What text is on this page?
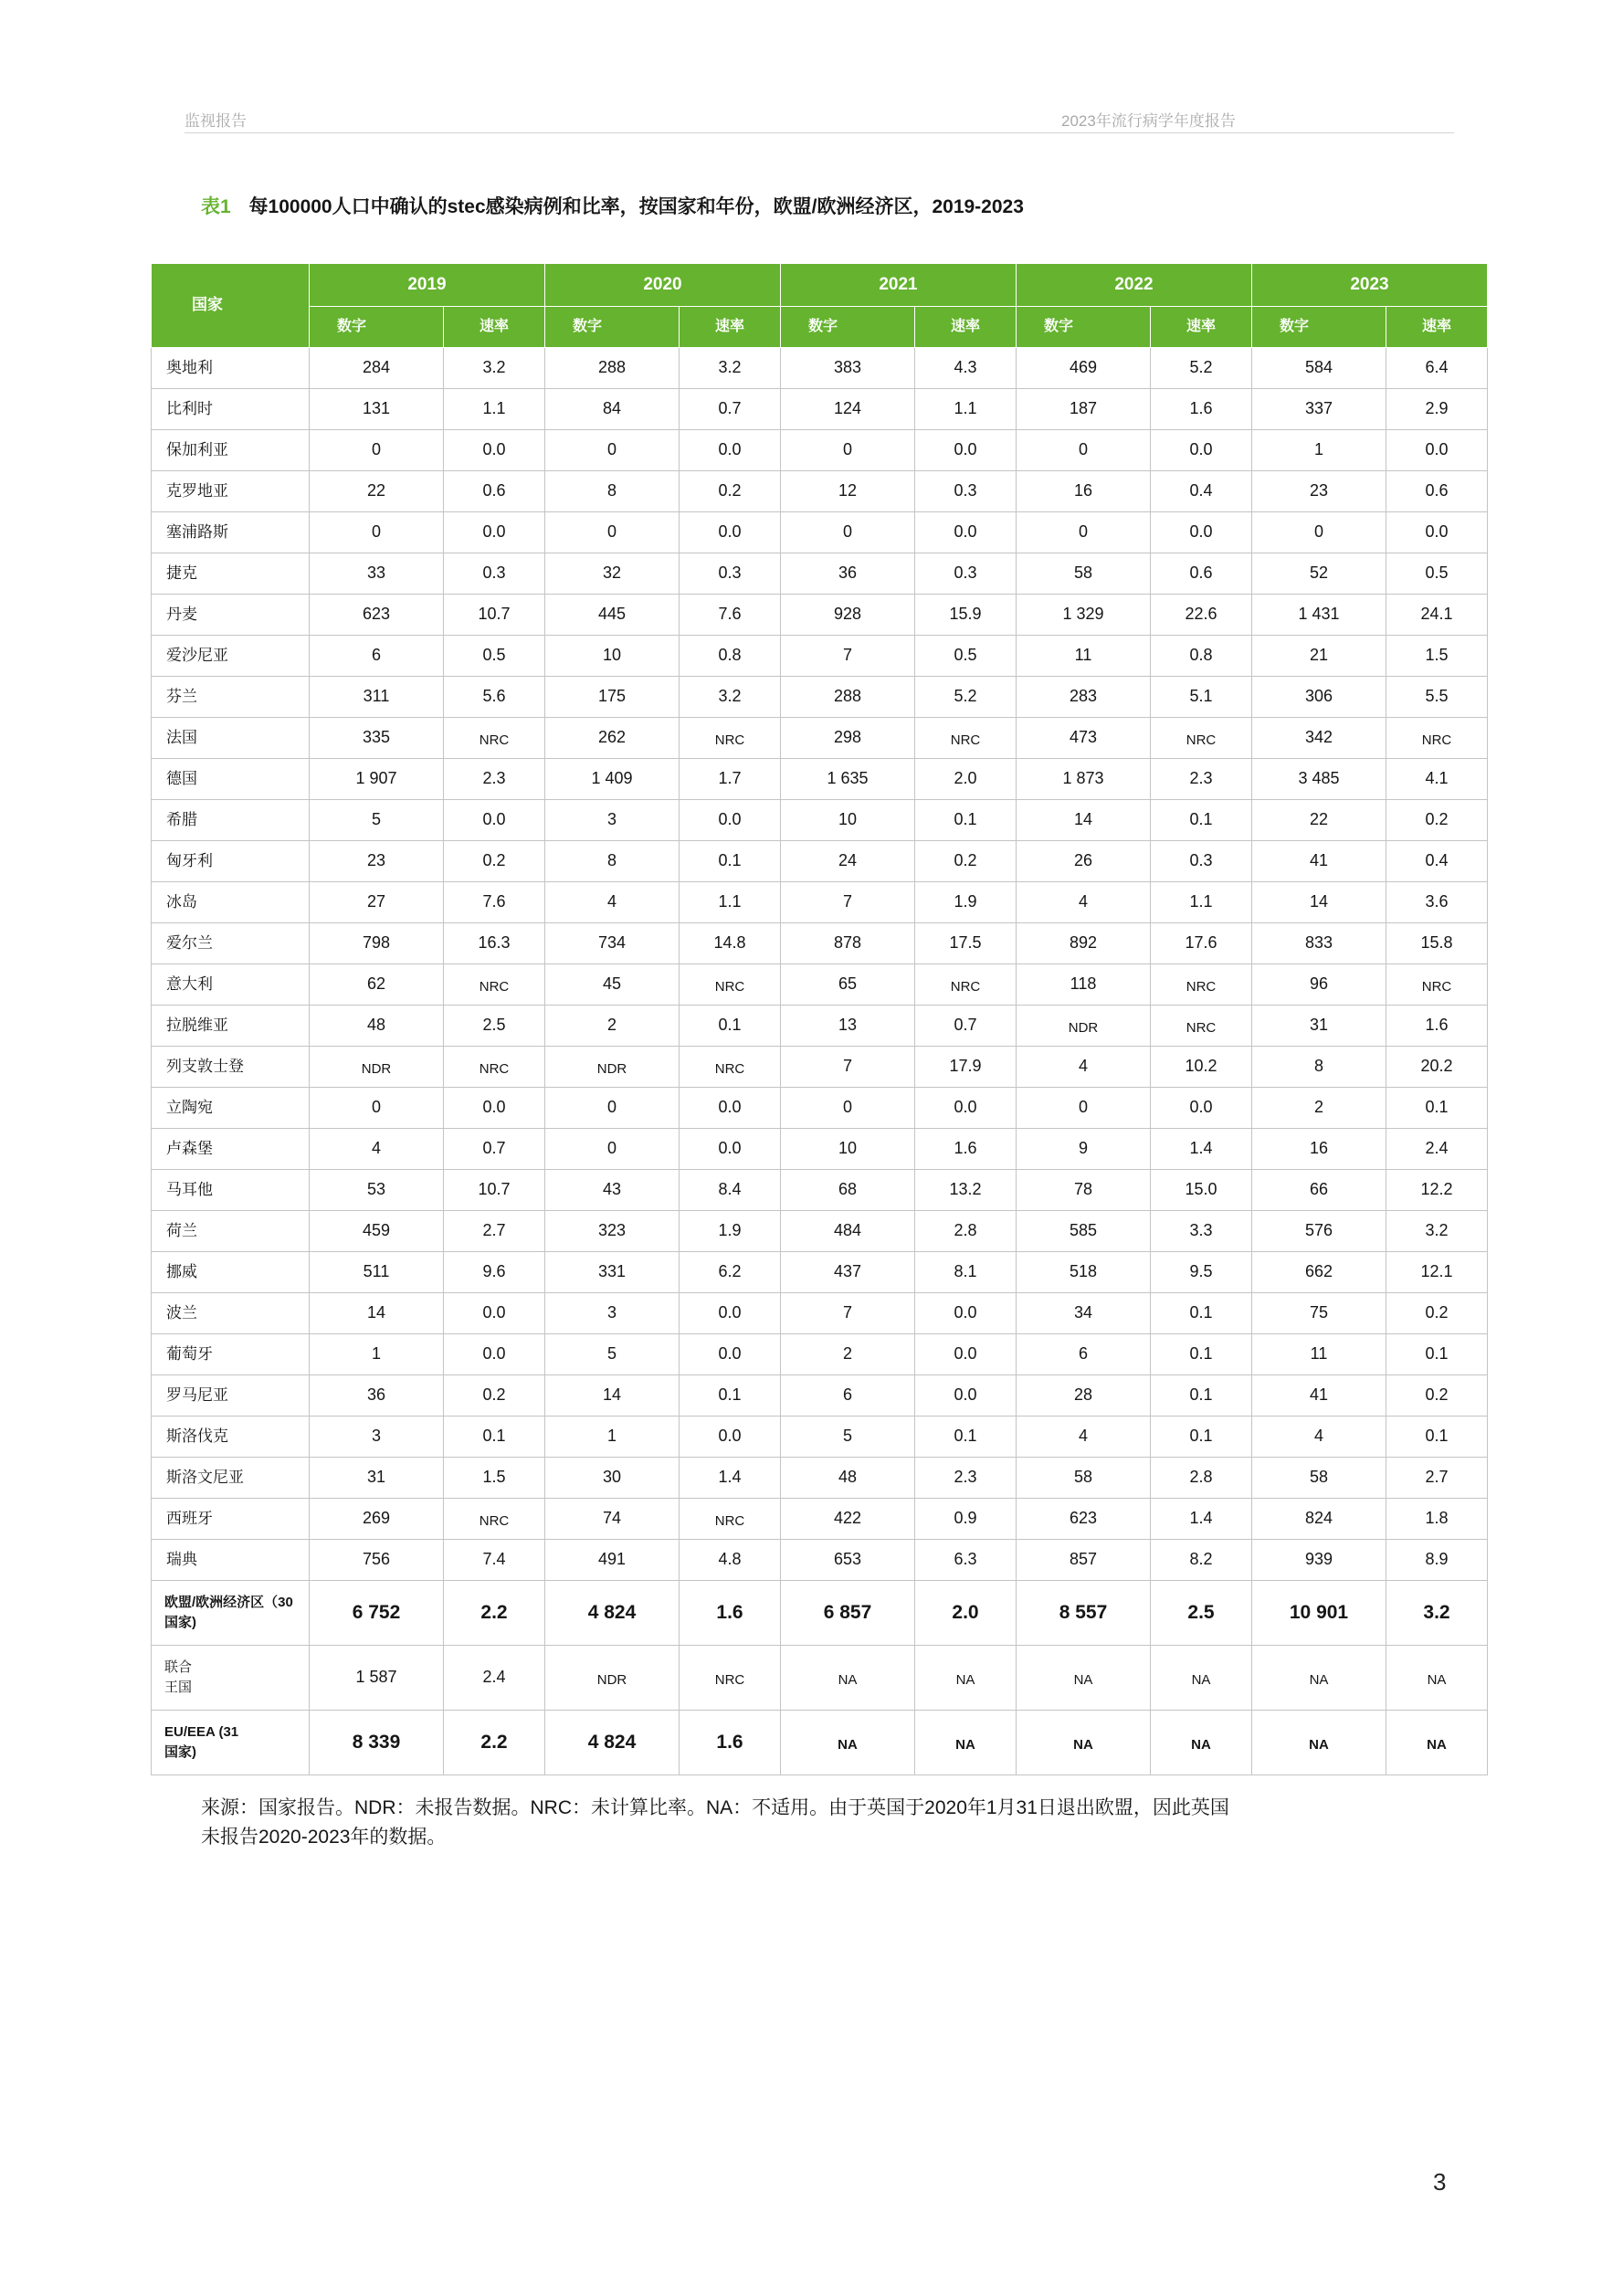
监视报告	2023年流行病学年度报告
表1 每100000人口中确认的stec感染病例和比率，按国家和年份，欧盟/欧洲经济区，2019-2023
国家	2019		2020		2021		2022		2023	
	数字	速率	数字	速率	数字	速率	数字	速率	数字	速率
奥地利	284	3.2	288	3.2	383	4.3	469	5.2	584	6.4
比利时	131	1.1	84	0.7	124	1.1	187	1.6	337	2.9
保加利亚	0	0.0	0	0.0	0	0.0	0	0.0	1	0.0
克罗地亚	22	0.6	8	0.2	12	0.3	16	0.4	23	0.6
塞浦路斯	0	0.0	0	0.0	0	0.0	0	0.0	0	0.0
捷克	33	0.3	32	0.3	36	0.3	58	0.6	52	0.5
丹麦	623	10.7	445	7.6	928	15.9	1 329	22.6	1 431	24.1
爱沙尼亚	6	0.5	10	0.8	7	0.5	11	0.8	21	1.5
芬兰	311	5.6	175	3.2	288	5.2	283	5.1	306	5.5
法国	335	NRC	262	NRC	298	NRC	473	NRC	342	NRC
德国	1 907	2.3	1 409	1.7	1 635	2.0	1 873	2.3	3 485	4.1
希腊	5	0.0	3	0.0	10	0.1	14	0.1	22	0.2
匈牙利	23	0.2	8	0.1	24	0.2	26	0.3	41	0.4
冰岛	27	7.6	4	1.1	7	1.9	4	1.1	14	3.6
爱尔兰	798	16.3	734	14.8	878	17.5	892	17.6	833	15.8
意大利	62	NRC	45	NRC	65	NRC	118	NRC	96	NRC
拉脱维亚	48	2.5	2	0.1	13	0.7	NDR	NRC	31	1.6
列支敦士登	NDR	NRC	NDR	NRC	7	17.9	4	10.2	8	20.2
立陶宛	0	0.0	0	0.0	0	0.0	0	0.0	2	0.1
卢森堡	4	0.7	0	0.0	10	1.6	9	1.4	16	2.4
马耳他	53	10.7	43	8.4	68	13.2	78	15.0	66	12.2
荷兰	459	2.7	323	1.9	484	2.8	585	3.3	576	3.2
挪威	511	9.6	331	6.2	437	8.1	518	9.5	662	12.1
波兰	14	0.0	3	0.0	7	0.0	34	0.1	75	0.2
葡萄牙	1	0.0	5	0.0	2	0.0	6	0.1	11	0.1
罗马尼亚	36	0.2	14	0.1	6	0.0	28	0.1	41	0.2
斯洛伐克	3	0.1	1	0.0	5	0.1	4	0.1	4	0.1
斯洛文尼亚	31	1.5	30	1.4	48	2.3	58	2.8	58	2.7
西班牙	269	NRC	74	NRC	422	0.9	623	1.4	824	1.8
瑞典	756	7.4	491	4.8	653	6.3	857	8.2	939	8.9

欧盟/欧洲经济区（30
国家)	6 752	2.2	4 824	1.6	6 857	2.0	8 557	2.5	10 901	3.2

联合
王国	1 587	2.4	NDR	NRC	NA	NA	NA	NA	NA	NA

EU/EEA (31
国家)	8 339	2.2	4 824	1.6	NA	NA	NA	NA	NA	NA
来源：国家报告。NDR：未报告数据。NRC：未计算比率。NA：不适用。由于英国于2020年1月31日退出欧盟，因此英国
未报告2020-2023年的数据。
3
